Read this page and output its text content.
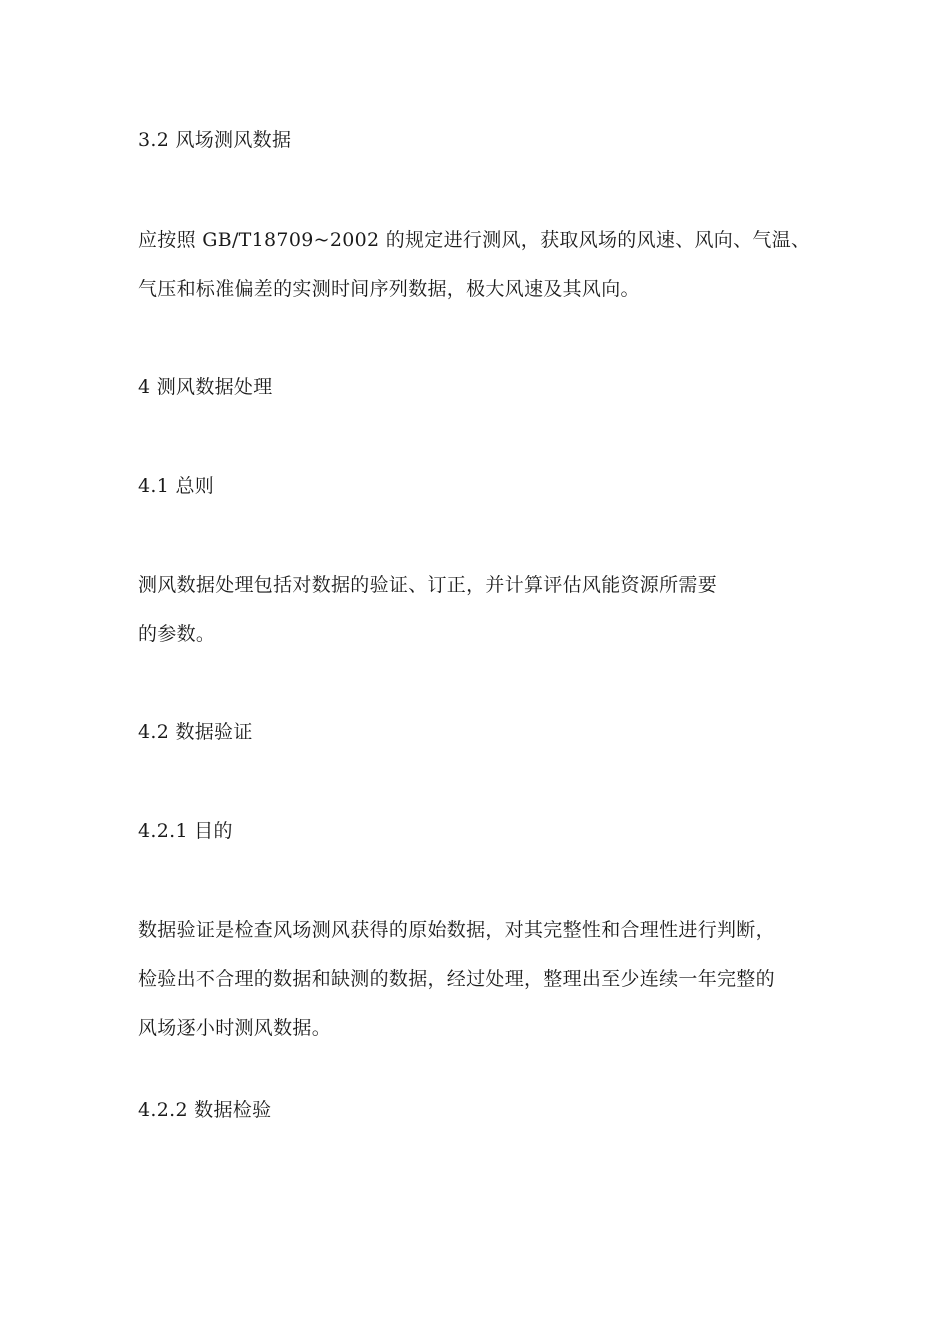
3.2 风场测风数据
应按照 GB/T18709~2002 的规定进行测风，获取风场的风速、风向、气温、
气压和标准偏差的实测时间序列数据，极大风速及其风向。
4 测风数据处理
4.1 总则
测风数据处理包括对数据的验证、订正，并计算评估风能资源所需要
的参数。
4.2 数据验证
4.2.1 目的
数据验证是检查风场测风获得的原始数据，对其完整性和合理性进行判断，
检验出不合理的数据和缺测的数据，经过处理，整理出至少连续一年完整的
风场逐小时测风数据。
4.2.2 数据检验
